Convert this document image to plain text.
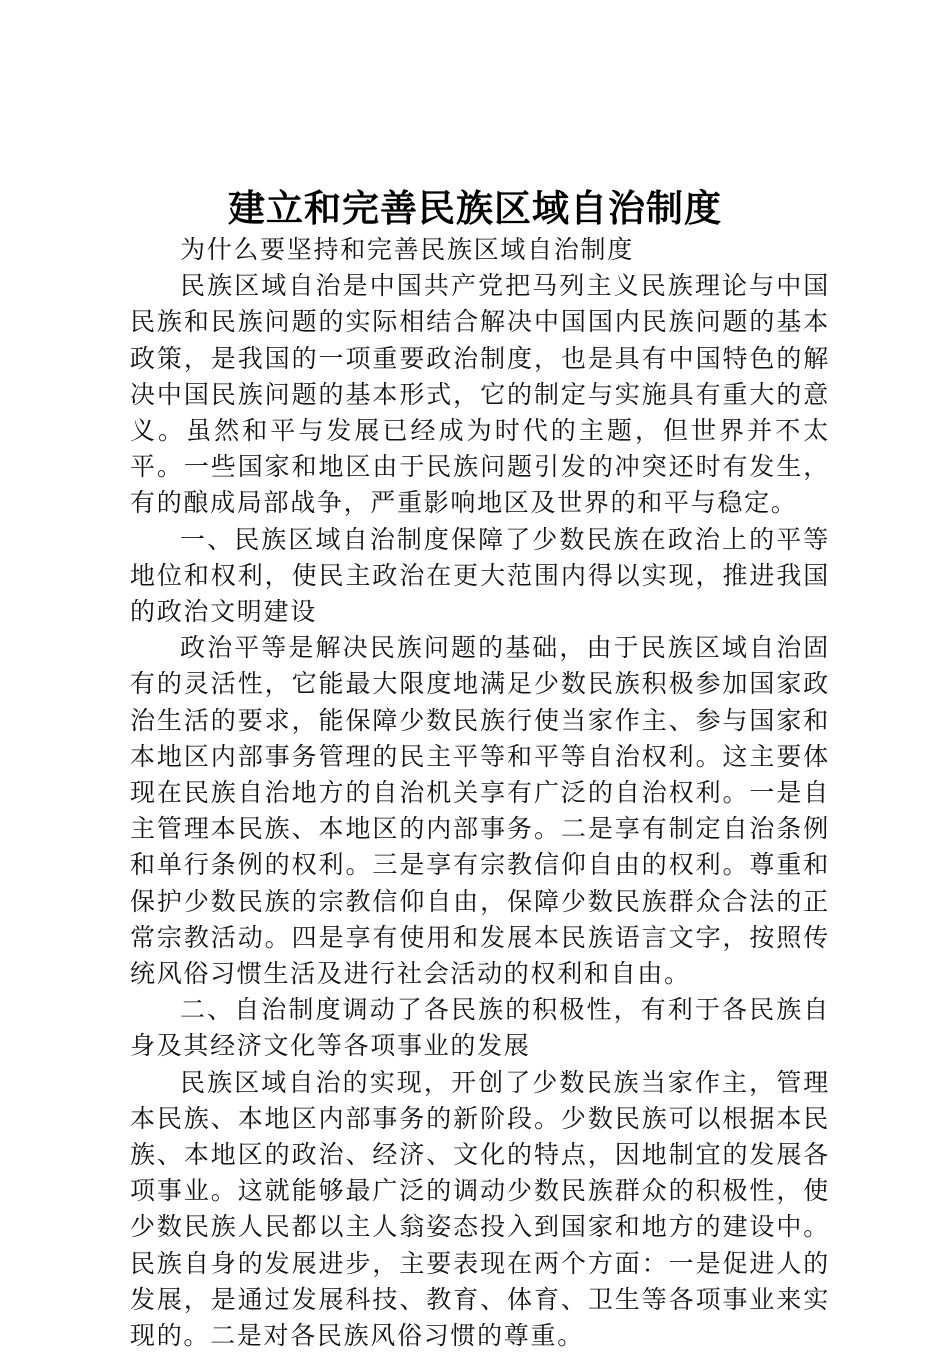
建立和完善民族区域自治制度

为什么要坚持和完善民族区域自治制度

民族区域自治是中国共产党把马列主义民族理论与中国民族和民族问题的实际相结合解决中国国内民族问题的基本政策，是我国的一项重要政治制度，也是具有中国特色的解决中国民族问题的基本形式，它的制定与实施具有重大的意义。虽然和平与发展已经成为时代的主题，但世界并不太平。一些国家和地区由于民族问题引发的冲突还时有发生，有的酿成局部战争，严重影响地区及世界的和平与稳定。

一、民族区域自治制度保障了少数民族在政治上的平等地位和权利，使民主政治在更大范围内得以实现，推进我国的政治文明建设

政治平等是解决民族问题的基础，由于民族区域自治固有的灵活性，它能最大限度地满足少数民族积极参加国家政治生活的要求，能保障少数民族行使当家作主、参与国家和本地区内部事务管理的民主平等和平等自治权利。这主要体现在民族自治地方的自治机关享有广泛的自治权利。一是自主管理本民族、本地区的内部事务。二是享有制定自治条例和单行条例的权利。三是享有宗教信仰自由的权利。尊重和保护少数民族的宗教信仰自由，保障少数民族群众合法的正常宗教活动。四是享有使用和发展本民族语言文字，按照传统风俗习惯生活及进行社会活动的权利和自由。

二、自治制度调动了各民族的积极性，有利于各民族自身及其经济文化等各项事业的发展

民族区域自治的实现，开创了少数民族当家作主，管理本民族、本地区内部事务的新阶段。少数民族可以根据本民族、本地区的政治、经济、文化的特点，因地制宜的发展各项事业。这就能够最广泛的调动少数民族群众的积极性，使少数民族人民都以主人翁姿态投入到国家和地方的建设中。民族自身的发展进步，主要表现在两个方面：一是促进人的发展，是通过发展科技、教育、体育、卫生等各项事业来实现的。二是对各民族风俗习惯的尊重。
